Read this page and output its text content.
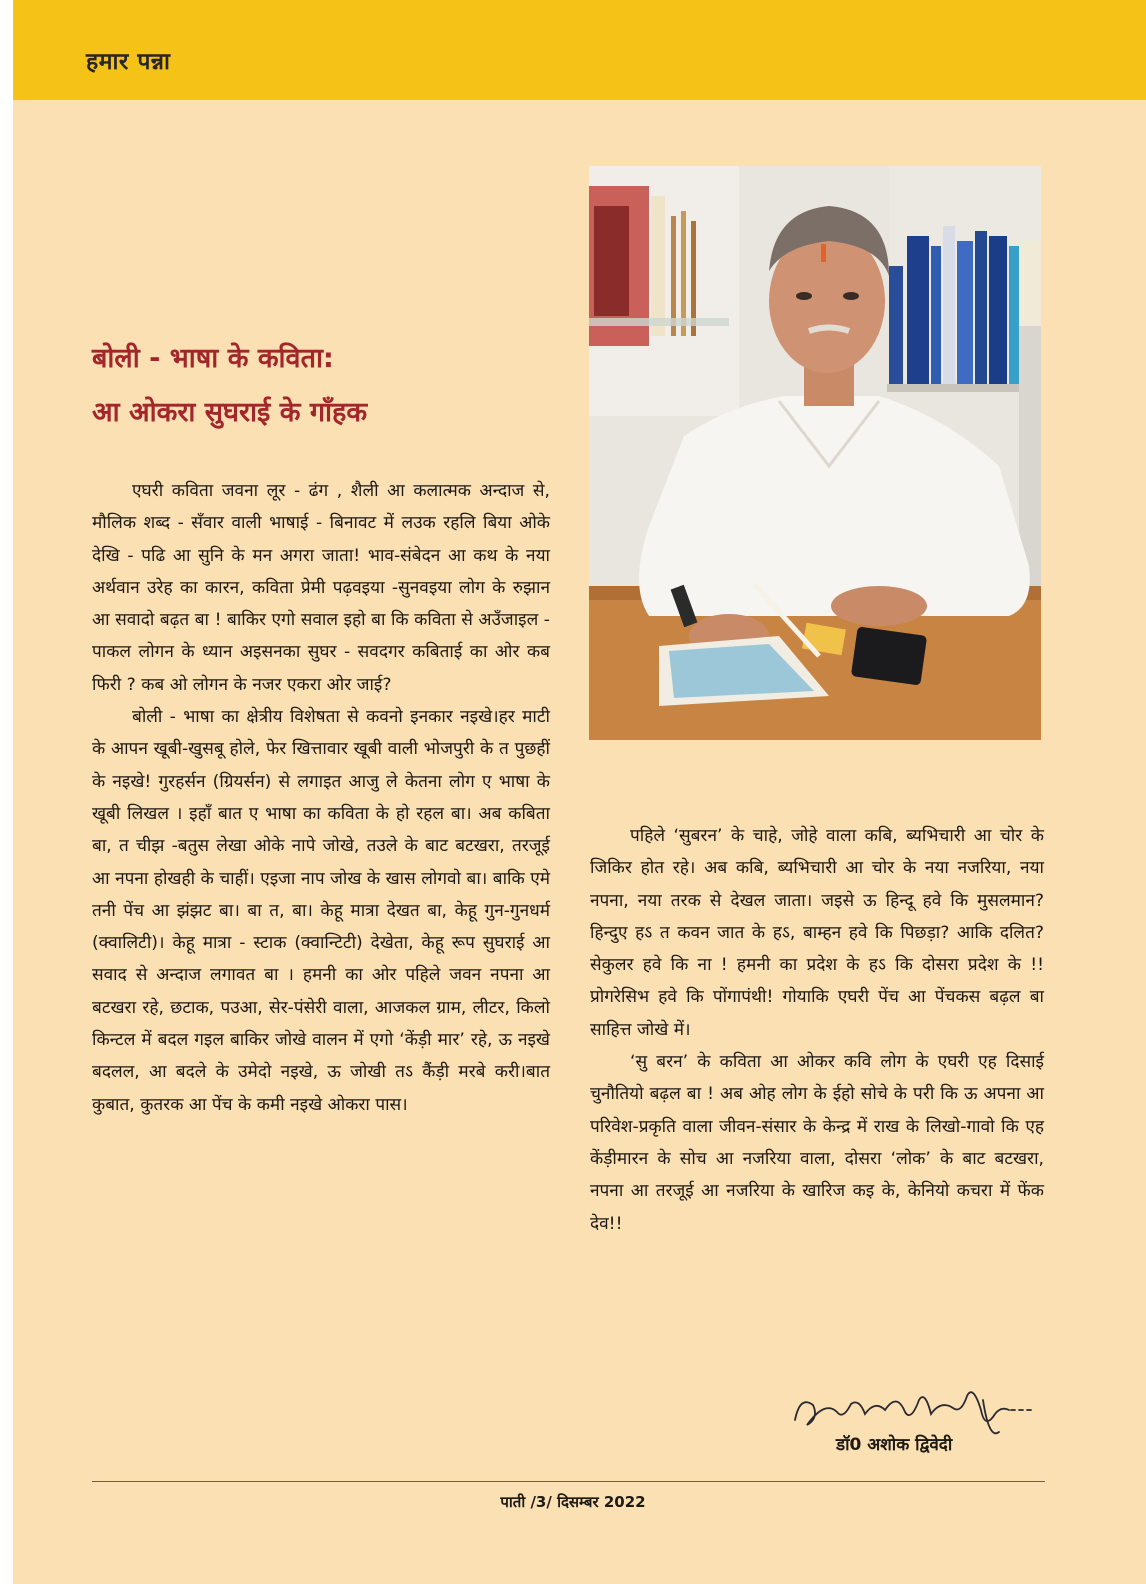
हमार पन्ना
बोली - भाषा के कविता:
आ ओकरा सुघराई के गाँहक

एघरी कविता जवना लूर - ढंग , शैली आ कलात्मक अन्दाज से, मौलिक शब्द - सँवार वाली भाषाई - बिनावट में लउक रहलि बिया ओके देखि - पढि आ सुनि के मन अगरा जाता! भाव-संबेदन आ कथ के नया अर्थवान उरेह का कारन, कविता प्रेमी पढ़वइया -सुनवइया लोग के रुझान आ सवादो बढ़त बा ! बाकिर एगो सवाल इहो बा कि कविता से अउँजाइल - पाकल लोगन के ध्यान अइसनका सुघर - सवदगर कबिताई का ओर कब फिरी ? कब ओ लोगन के नजर एकरा ओर जाई?

बोली - भाषा का क्षेत्रीय विशेषता से कवनो इनकार नइखे।हर माटी के आपन खूबी-खुसबू होले, फेर खित्तावार खूबी वाली भोजपुरी के त पुछहीं के नइखे! गुरहर्सन (ग्रियर्सन) से लगाइत आजु ले केतना लोग ए भाषा के खूबी लिखल । इहाँ बात ए भाषा का कविता के हो रहल बा। अब कबिता बा, त चीझ -बतुस लेखा ओके नापे जोखे, तउले के बाट बटखरा, तरजूई आ नपना होखही के चाहीं। एइजा नाप जोख के खास लोगवो बा। बाकि एमे तनी पेंच आ झंझट बा। बा त, बा। केहू मात्रा देखत बा, केहू गुन-गुनधर्म (क्वालिटी)। केहू मात्रा - स्टाक (क्वान्टिटी) देखेता, केहू रूप सुघराई आ सवाद से अन्दाज लगावत बा । हमनी का ओर पहिले जवन नपना आ बटखरा रहे, छटाक, पउआ, सेर-पंसेरी वाला, आजकल ग्राम, लीटर, किलो किन्टल में बदल गइल बाकिर जोखे वालन में एगो ‘केंड़ी मार’ रहे, ऊ नइखे बदलल, आ बदले के उमेदो नइखे, ऊ जोखी तऽ कैंड़ी मरबे करी।बात कुबात, कुतरक आ पेंच के कमी नइखे ओकरा पास।

पहिले ‘सुबरन’ के चाहे, जोहे वाला कबि, ब्यभिचारी आ चोर के जिकिर होत रहे। अब कबि, ब्यभिचारी आ चोर के नया नजरिया, नया नपना, नया तरक से देखल जाता। जइसे ऊ हिन्दू हवे कि मुसलमान? हिन्दुए हऽ त कवन जात के हऽ, बाम्हन हवे कि पिछड़ा? आकि दलित? सेकुलर हवे कि ना ! हमनी का प्रदेश के हऽ कि दोसरा प्रदेश के !! प्रोगरेसिभ हवे कि पोंगापंथी! गोयाकि एघरी पेंच आ पेंचकस बढ़ल बा साहित्त जोखे में।

‘सु बरन’ के कविता आ ओकर कवि लोग के एघरी एह दिसाई चुनौतियो बढ़ल बा ! अब ओह लोग के ईहो सोचे के परी कि ऊ अपना आ परिवेश-प्रकृति वाला जीवन-संसार के केन्द्र में राख के लिखो-गावो कि एह केंड़ीमारन के सोच आ नजरिया वाला, दोसरा ‘लोक’ के बाट बटखरा, नपना आ तरजूई आ नजरिया के खारिज कइ के, केनियो कचरा में फेंक देव!!

डॉ0 अशोक द्विवेदी
पाती /3/ दिसम्बर 2022
